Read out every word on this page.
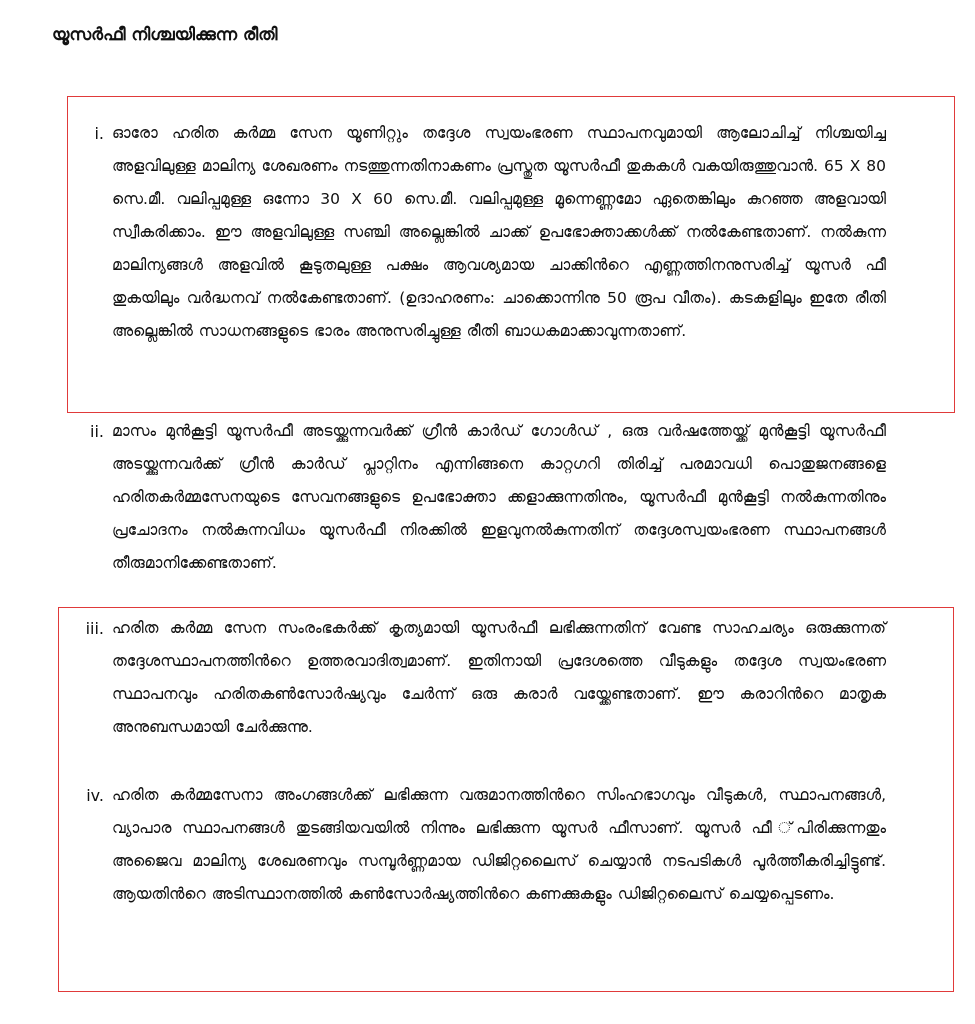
യൂസർഫീ നിശ്ചയിക്കുന്ന രീതി
i. ഓരോ ഹരിത കർമ്മ സേന യൂണിറ്റും തദ്ദേശ സ്വയംഭരണ സ്ഥാപനവുമായി ആലോചിച്ച് നിശ്ചയിച്ച അളവിലുള്ള മാലിന്യ ശേഖരണം നടത്തുന്നതിനാകണം പ്രസ്തുത യൂസർഫീ തുകകൾ വകയിരുത്തുവാൻ. 65 X 80 സെ.മീ. വലിപ്പമുള്ള ഒന്നോ 30 X 60 സെ.മീ. വലിപ്പമുള്ള മൂന്നെണ്ണമോ ഏതെങ്കിലും കുറഞ്ഞ അളവായി സ്വീകരിക്കാം. ഈ അളവിലുള്ള സഞ്ചി അല്ലെങ്കിൽ ചാക്ക് ഉപഭോക്താക്കൾക്ക് നൽകേണ്ടതാണ്. നൽകുന്ന മാലിന്യങ്ങൾ അളവിൽ കൂടുതലുള്ള പക്ഷം ആവശ്യമായ ചാക്കിൻറെ എണ്ണത്തിനനുസരിച്ച് യൂസർ ഫീ തുകയിലും വർദ്ധനവ് നൽകേണ്ടതാണ്. (ഉദാഹരണം: ചാക്കൊന്നിനു 50 രൂപ വീതം). കടകളിലും ഇതേ രീതി അല്ലെങ്കിൽ സാധനങ്ങളുടെ ഭാരം അനുസരിച്ചുള്ള രീതി ബാധകമാക്കാവുന്നതാണ്.
ii. മാസം മുൻകൂട്ടി യൂസർഫീ അടയ്ക്കുന്നവർക്ക് ഗ്രീൻ കാർഡ് ഗോൾഡ് , ഒരു വർഷത്തേയ്ക്ക് മുൻകൂട്ടി യൂസർഫീ അടയ്ക്കുന്നവർക്ക് ഗ്രീൻ കാർഡ് പ്ലാറ്റിനം എന്നിങ്ങനെ കാറ്റഗറി തിരിച്ച് പരമാവധി പൊതുജനങ്ങളെ ഹരിതകർമ്മസേനയുടെ സേവനങ്ങളുടെ ഉപഭോക്താ ക്കളാക്കുന്നതിനും, യൂസർഫീ മുൻകൂട്ടി നൽകുന്നതിനും പ്രചോദനം നൽകുന്നവിധം യൂസർഫീ നിരക്കിൽ ഇളവുനൽകുന്നതിന് തദ്ദേശസ്വയംഭരണ സ്ഥാപനങ്ങൾ തീരുമാനിക്കേണ്ടതാണ്.
iii. ഹരിത കർമ്മ സേന സംരംഭകർക്ക് കൃത്യമായി യൂസർഫീ ലഭിക്കുന്നതിന് വേണ്ട സാഹചര്യം ഒരുക്കുന്നത് തദ്ദേശസ്ഥാപനത്തിൻറെ ഉത്തരവാദിത്വമാണ്. ഇതിനായി പ്രദേശത്തെ വീടുകളും തദ്ദേശ സ്വയംഭരണ സ്ഥാപനവും ഹരിതകൺസോർഷ്യവും ചേർന്ന് ഒരു കരാർ വയ്ക്കേണ്ടതാണ്. ഈ കരാറിൻറെ മാതൃക അനുബന്ധമായി ചേർക്കുന്നു.
iv. ഹരിത കർമ്മസേനാ അംഗങ്ങൾക്ക് ലഭിക്കുന്ന വരുമാനത്തിൻറെ സിംഹഭാഗവും വീടുകൾ, സ്ഥാപനങ്ങൾ, വ്യാപാര സ്ഥാപനങ്ങൾ തുടങ്ങിയവയിൽ നിന്നും ലഭിക്കുന്ന യൂസർ ഫീസാണ്. യൂസർ ഫീ ്പിരിക്കുന്നതും അജൈവ മാലിന്യ ശേഖരണവും സമ്പൂർണ്ണമായ ഡിജിറ്റലൈസ് ചെയ്യാൻ നടപടികൾ പൂർത്തീകരിച്ചിട്ടുണ്ട്. ആയതിൻറെ അടിസ്ഥാനത്തിൽ കൺസോർഷ്യത്തിൻറെ കണക്കുകളും ഡിജിറ്റലൈസ് ചെയ്യപ്പെടണം.
